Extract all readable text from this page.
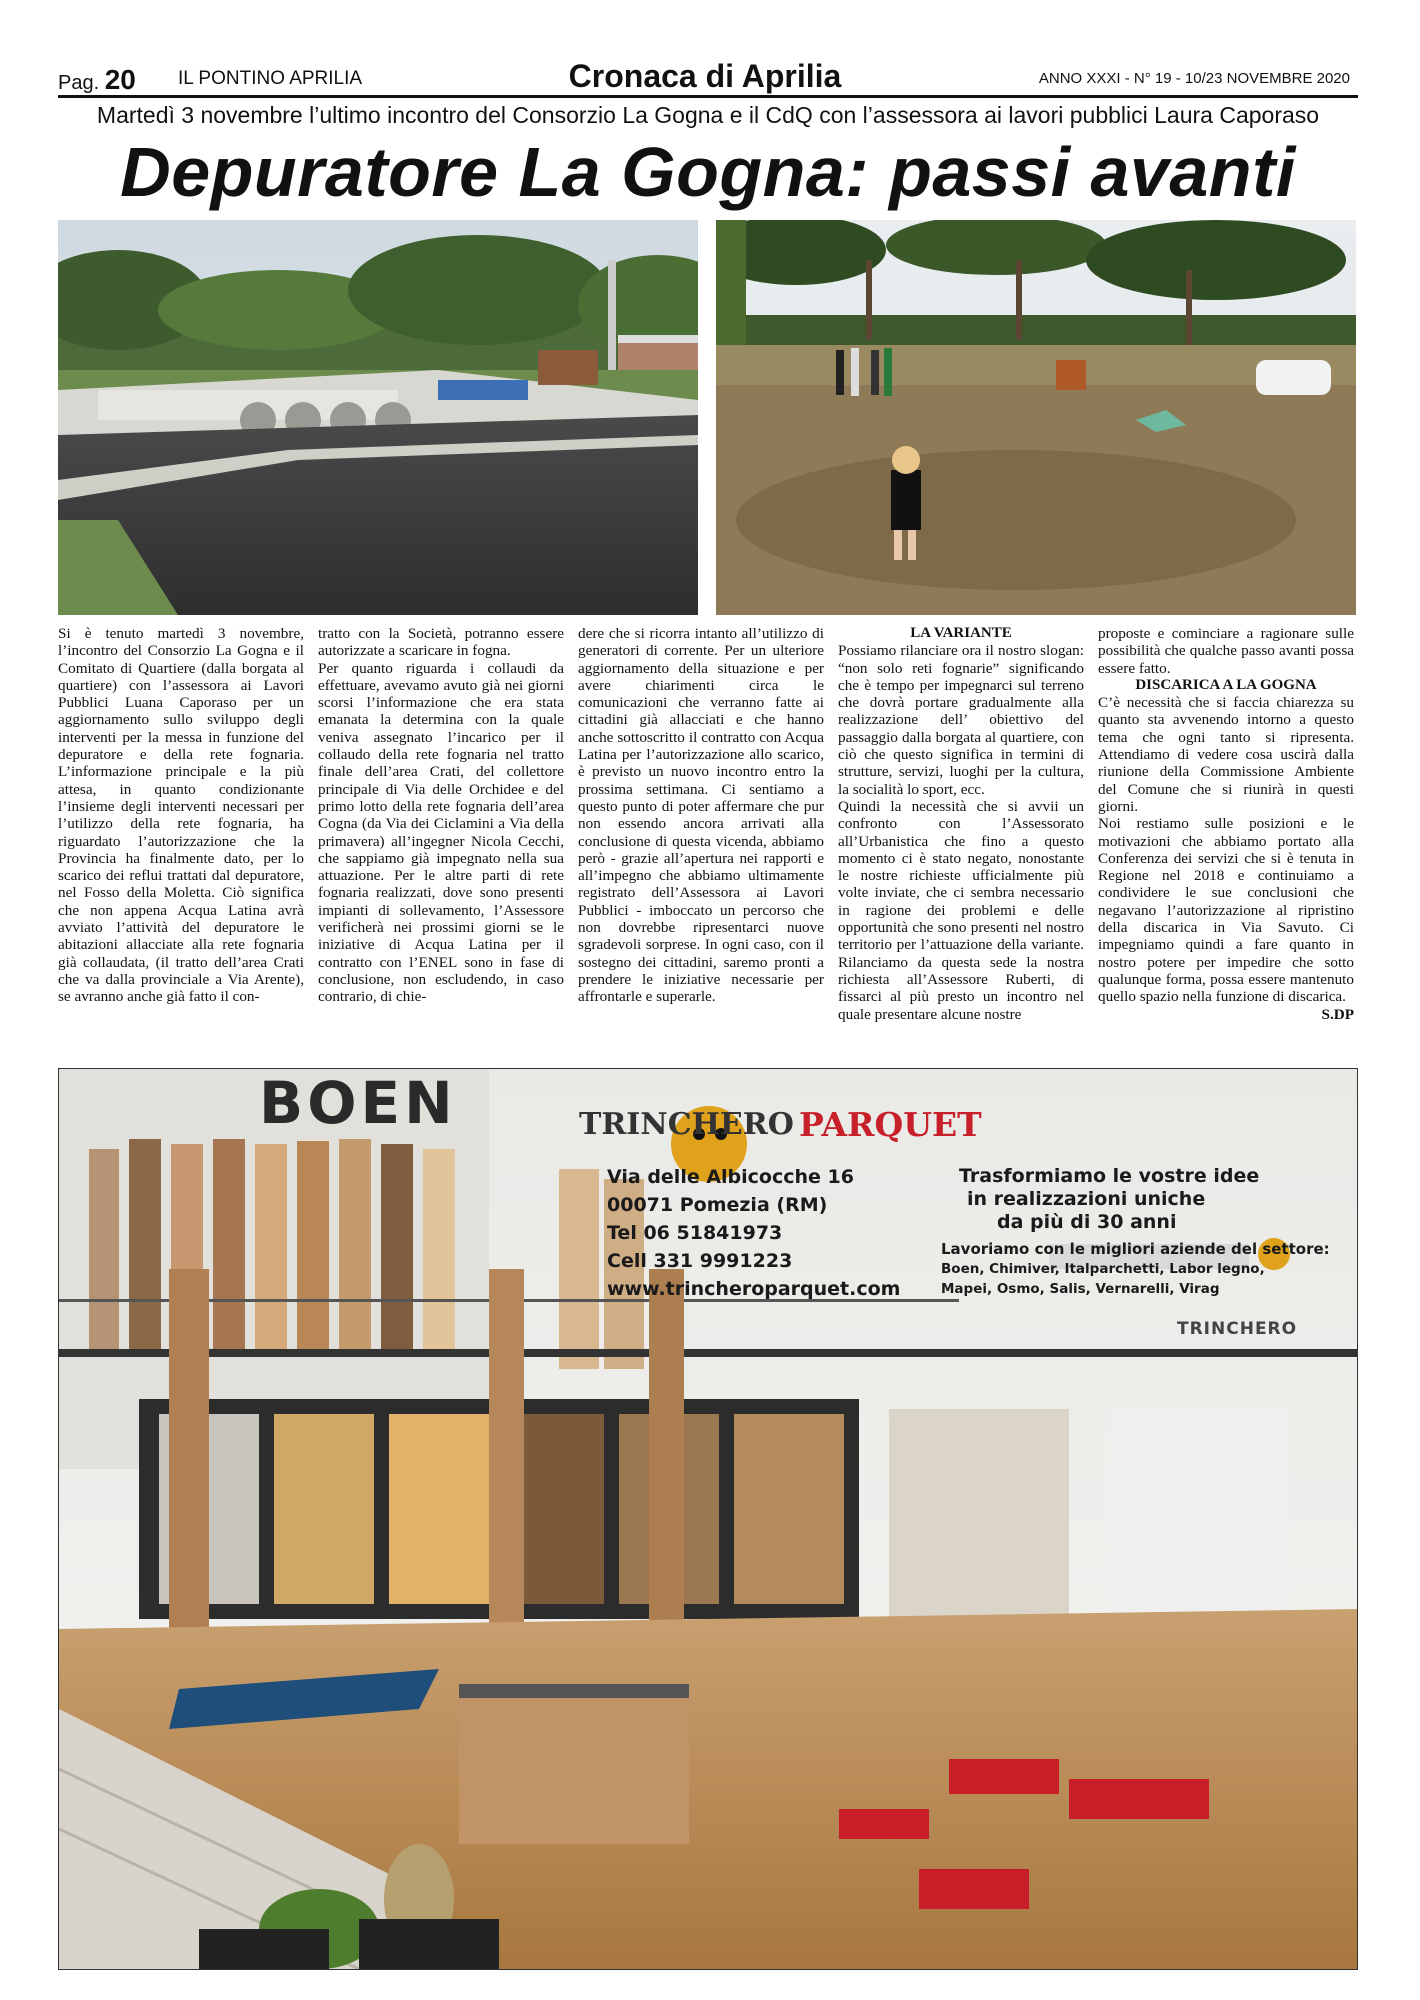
Pag. 20 IL PONTINO APRILIA	Cronaca di Aprilia	ANNO XXXI - N° 19 - 10/23 NOVEMBRE 2020
Martedì 3 novembre l’ultimo incontro del Consorzio La Gogna e il CdQ con l’assessora ai lavori pubblici Laura Caporaso
Depuratore La Gogna: passi avanti

Si è tenuto martedì 3 novembre, l’incontro del Consorzio La Gogna e il Comitato di Quartiere (dalla borgata al quartiere) con l’assessora ai Lavori Pubblici Luana Caporaso per un aggiornamento sullo sviluppo degli interventi per la messa in funzione del depuratore e della rete fognaria. L’informazione principale e la più attesa, in quanto condizionante l’insieme degli interventi necessari per l’utilizzo della rete fognaria, ha riguardato l’autorizzazione che la Provincia ha finalmente dato, per lo scarico dei reflui trattati dal depuratore, nel Fosso della Moletta. Ciò significa che non appena Acqua Latina avrà avviato l’attività del depuratore le abitazioni allacciate alla rete fognaria già collaudata, (il tratto dell’area Crati che va dalla provinciale a Via Arente), se avranno anche già fatto il con-

tratto con la Società, potranno essere autorizzate a scaricare in fogna.

Per quanto riguarda i collaudi da effettuare, avevamo avuto già nei giorni scorsi l’informazione che era stata emanata la determina con la quale veniva assegnato l’incarico per il collaudo della rete fognaria nel tratto finale dell’area Crati, del collettore principale di Via delle Orchidee e del primo lotto della rete fognaria dell’area Cogna (da Via dei Ciclamini a Via della primavera) all’ingegner Nicola Cecchi, che sappiamo già impegnato nella sua attuazione. Per le altre parti di rete fognaria realizzati, dove sono presenti impianti di sollevamento, l’Assessore verificherà nei prossimi giorni se le iniziative di Acqua Latina per il contratto con l’ENEL sono in fase di conclusione, non escludendo, in caso contrario, di chie-

dere che si ricorra intanto all’utilizzo di generatori di corrente. Per un ulteriore aggiornamento della situazione e per avere chiarimenti circa le comunicazioni che verranno fatte ai cittadini già allacciati e che hanno anche sottoscritto il contratto con Acqua Latina per l’autorizzazione allo scarico, è previsto un nuovo incontro entro la prossima settimana. Ci sentiamo a questo punto di poter affermare che pur non essendo ancora arrivati alla conclusione di questa vicenda, abbiamo però - grazie all’apertura nei rapporti e all’impegno che abbiamo ultimamente registrato dell’Assessora ai Lavori Pubblici - imboccato un percorso che non dovrebbe ripresentarci nuove sgradevoli sorprese. In ogni caso, con il sostegno dei cittadini, saremo pronti a prendere le iniziative necessarie per affrontarle e superarle.

LA VARIANTE

Possiamo rilanciare ora il nostro slogan: “non solo reti fognarie” significando che è tempo per impegnarci sul terreno che dovrà portare gradualmente alla realizzazione dell’ obiettivo del passaggio dalla borgata al quartiere, con ciò che questo significa in termini di strutture, servizi, luoghi per la cultura, la socialità lo sport, ecc.

Quindi la necessità che si avvii un confronto con l’Assessorato all’Urbanistica che fino a questo momento ci è stato negato, nonostante le nostre richieste ufficialmente più volte inviate, che ci sembra necessario in ragione dei problemi e delle opportunità che sono presenti nel nostro territorio per l’attuazione della variante. Rilanciamo da questa sede la nostra richiesta all’Assessore Ruberti, di fissarci al più presto un incontro nel quale presentare alcune nostre

proposte e cominciare a ragionare sulle possibilità che qualche passo avanti possa essere fatto.

DISCARICA A LA GOGNA

C’è necessità che si faccia chiarezza su quanto sta avvenendo intorno a questo tema che ogni tanto si ripresenta. Attendiamo di vedere cosa uscirà dalla riunione della Commissione Ambiente del Comune che si riunirà in questi giorni.

Noi restiamo sulle posizioni e le motivazioni che abbiamo portato alla Conferenza dei servizi che si è tenuta in Regione nel 2018 e continuiamo a condividere le sue conclusioni che negavano l’autorizzazione al ripristino della discarica in Via Savuto. Ci impegniamo quindi a fare quanto in nostro potere per impedire che sotto qualunque forma, possa essere mantenuto quello spazio nella funzione di discarica.
S.DP

BOEN	TRINCHERO PARQUET
Via delle Albicocche 16
00071 Pomezia (RM)
Tel 06 51841973
Cell 331 9991223
www.trincheroparquet.com
Trasformiamo le vostre idee
in realizzazioni uniche
da più di 30 anni
Lavoriamo con le migliori aziende del settore:
Boen, Chimiver, Italparchetti, Labor legno,
Mapei, Osmo, Salis, Vernarelli, Virag
TRINCHERO
